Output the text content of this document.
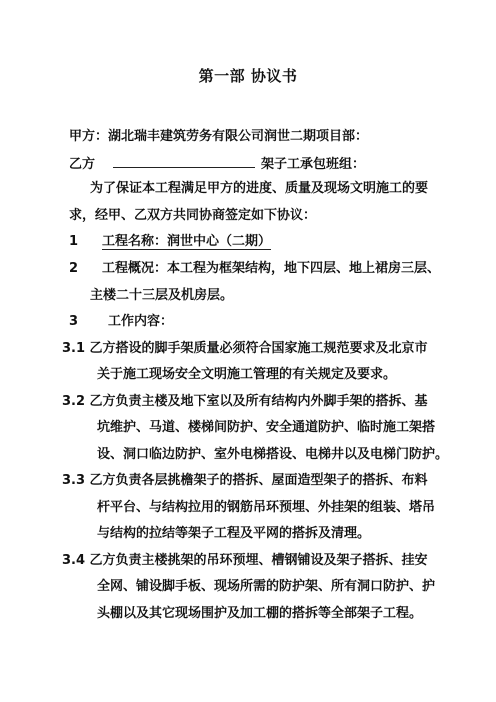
第一部 协议书
甲方：湖北瑞丰建筑劳务有限公司润世二期项目部：
乙方	架子工承包班组：
为了保证本工程满足甲方的进度、质量及现场文明施工的要
求，经甲、乙双方共同协商签定如下协议：
1 工程名称：润世中心（二期）
2 工程概况：本工程为框架结构，地下四层、地上裙房三层、
主楼二十三层及机房层。
3 工作内容：
3.1 乙方搭设的脚手架质量必须符合国家施工规范要求及北京市
关于施工现场安全文明施工管理的有关规定及要求。
3.2 乙方负责主楼及地下室以及所有结构内外脚手架的搭拆、基
坑维护、马道、楼梯间防护、安全通道防护、临时施工架搭
设、洞口临边防护、室外电梯搭设、电梯井以及电梯门防护。
3.3 乙方负责各层挑檐架子的搭拆、屋面造型架子的搭拆、布料
杆平台、与结构拉用的钢筋吊环预埋、外挂架的组装、塔吊
与结构的拉结等架子工程及平网的搭拆及清理。
3.4 乙方负责主楼挑架的吊环预埋、槽钢铺设及架子搭拆、挂安
全网、铺设脚手板、现场所需的防护架、所有洞口防护、护
头棚以及其它现场围护及加工棚的搭拆等全部架子工程。
